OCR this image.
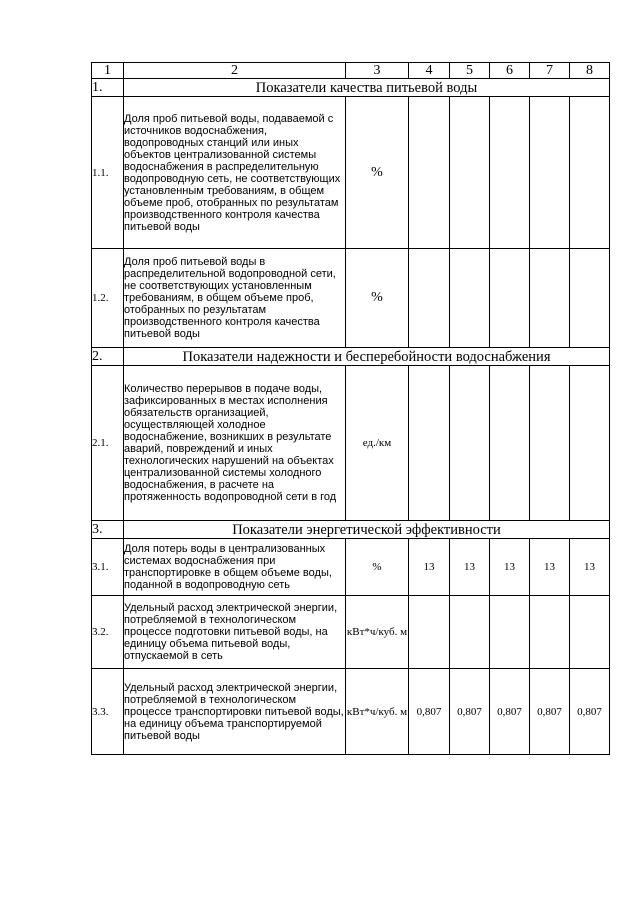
1	2	3	4	5	6	7	8
1.	Показатели качества питьевой воды						
1.1.	Доля проб питьевой воды, подаваемой с источников водоснабжения, водопроводных станций или иных объектов централизованной системы водоснабжения в распределительную водопроводную сеть, не соответствующих установленным требованиям, в общем объеме проб, отобранных по результатам производственного контроля качества питьевой воды	%					
1.2.	Доля проб питьевой воды в распределительной водопроводной сети, не соответствующих установленным требованиям, в общем объеме проб, отобранных по результатам производственного контроля качества питьевой воды	%					
2.	Показатели надежности и бесперебойности водоснабжения						
2.1.	Количество перерывов в подаче воды, зафиксированных в местах исполнения обязательств организацией, осуществляющей холодное водоснабжение, возникших в результате аварий, повреждений и иных технологических нарушений на объектах централизованной системы холодного водоснабжения, в расчете на протяженность водопроводной сети в год	ед./км					
3.	Показатели энергетической эффективности						
3.1.	Доля потерь воды в централизованных системах водоснабжения при транспортировке в общем объеме воды, поданной в водопроводную сеть	%	13	13	13	13	13
3.2.	Удельный расход электрической энергии, потребляемой в технологическом процессе подготовки питьевой воды, на единицу объема питьевой воды, отпускаемой в сеть	кВт*ч/куб. м					
3.3.	Удельный расход электрической энергии, потребляемой в технологическом процессе транспортировки питьевой воды, на единицу объема транспортируемой питьевой воды	кВт*ч/куб. м	0,807	0,807	0,807	0,807	0,807
